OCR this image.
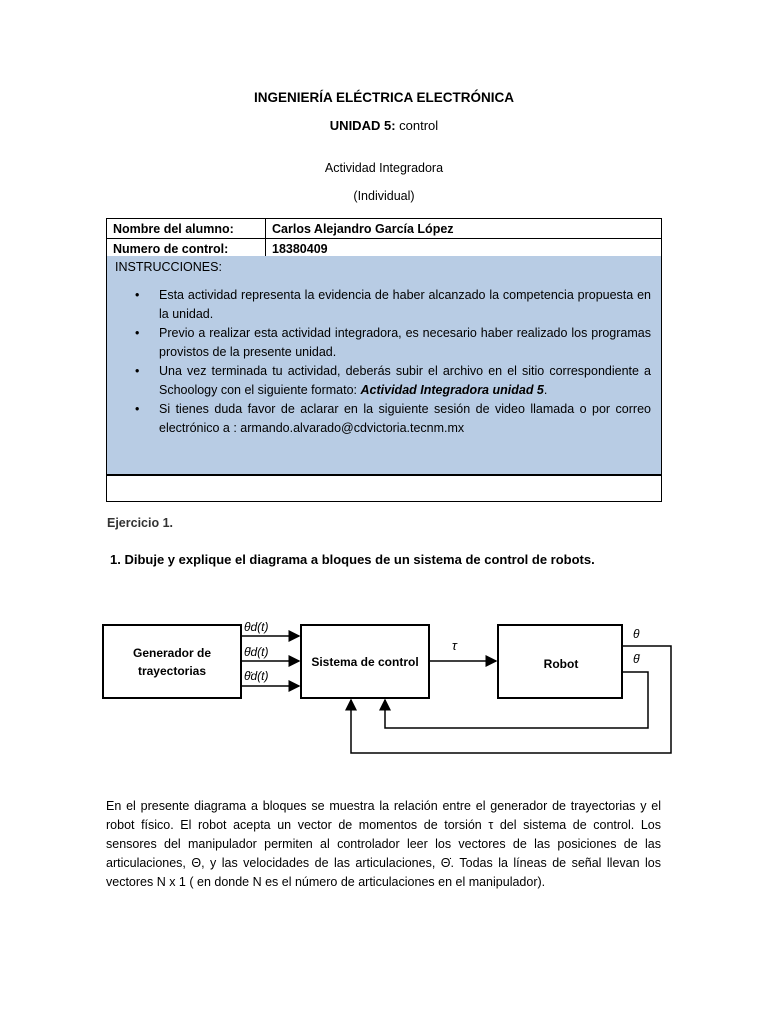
INGENIERÍA ELÉCTRICA ELECTRÓNICA
UNIDAD 5: control
Actividad Integradora
(Individual)
Nombre del alumno:	Carlos Alejandro García López
Numero de control:	18380409
INSTRUCCIONES:
• Esta actividad representa la evidencia de haber alcanzado la competencia propuesta en la unidad.
• Previo a realizar esta actividad integradora, es necesario haber realizado los programas provistos de la presente unidad.
• Una vez terminada tu actividad, deberás subir el archivo en el sitio correspondiente a Schoology con el siguiente formato: Actividad Integradora unidad 5.
• Si tienes duda favor de aclarar en la siguiente sesión de video llamada o por correo electrónico a : armando.alvarado@cdvictoria.tecnm.mx
Ejercicio 1.
1. Dibuje y explique el diagrama a bloques de un sistema de control de robots.
Generador de
trayectorias
Sistema de control	Robot
θd(t)
θ̇d(t)
θ̈d(t)
τ
θ
θ̇
En el presente diagrama a bloques se muestra la relación entre el generador de trayectorias y el robot físico. El robot acepta un vector de momentos de torsión τ del sistema de control. Los sensores del manipulador permiten al controlador leer los vectores de las posiciones de las articulaciones, Θ, y las velocidades de las articulaciones, Θ̇. Todas la líneas de señal llevan los vectores N x 1 ( en donde N es el número de articulaciones en el manipulador).
